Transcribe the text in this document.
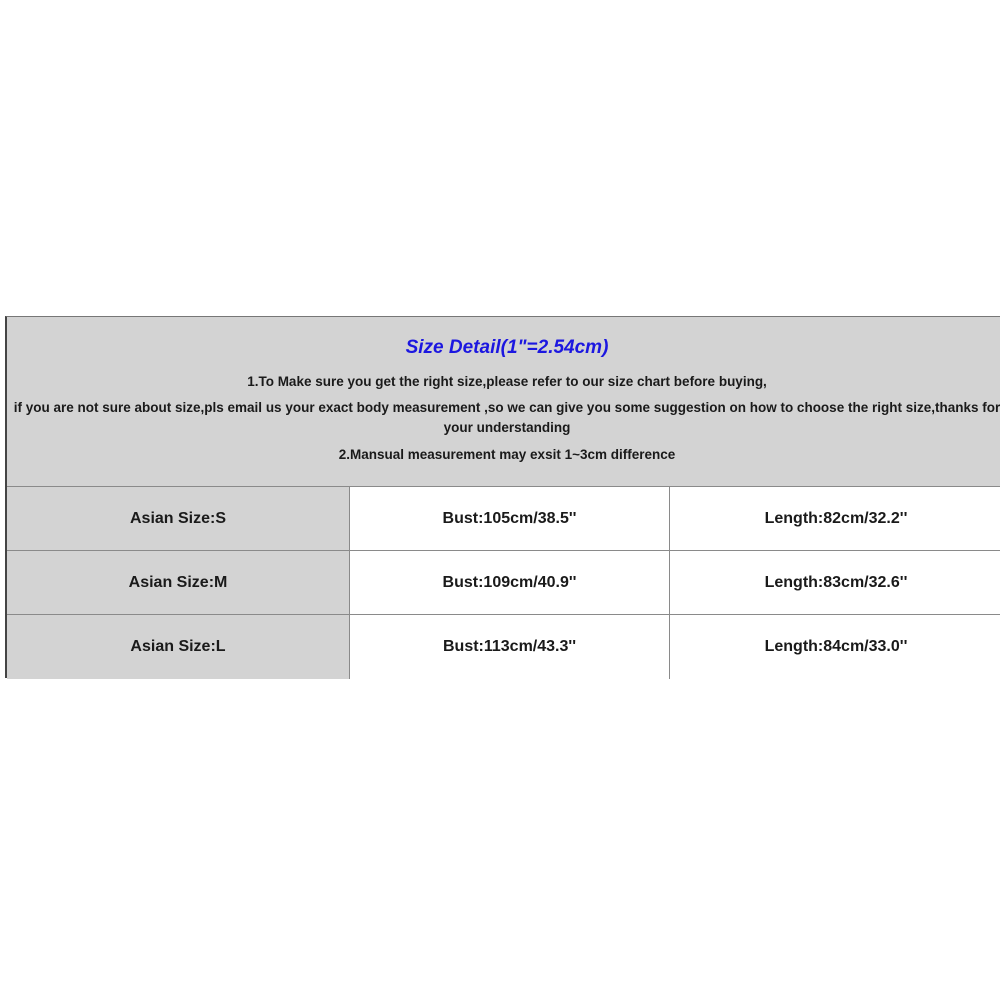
Size Detail(1"=2.54cm)
1.To Make sure you get the right size,please refer to our size chart before buying,
if you are not sure about size,pls email us your exact body measurement ,so we can give you some suggestion on how to choose the right size,thanks for
your understanding
2.Mansual measurement may exsit 1~3cm difference
Asian Size:S	Bust:105cm/38.5''	Length:82cm/32.2''
Asian Size:M	Bust:109cm/40.9''	Length:83cm/32.6''
Asian Size:L	Bust:113cm/43.3''	Length:84cm/33.0''
